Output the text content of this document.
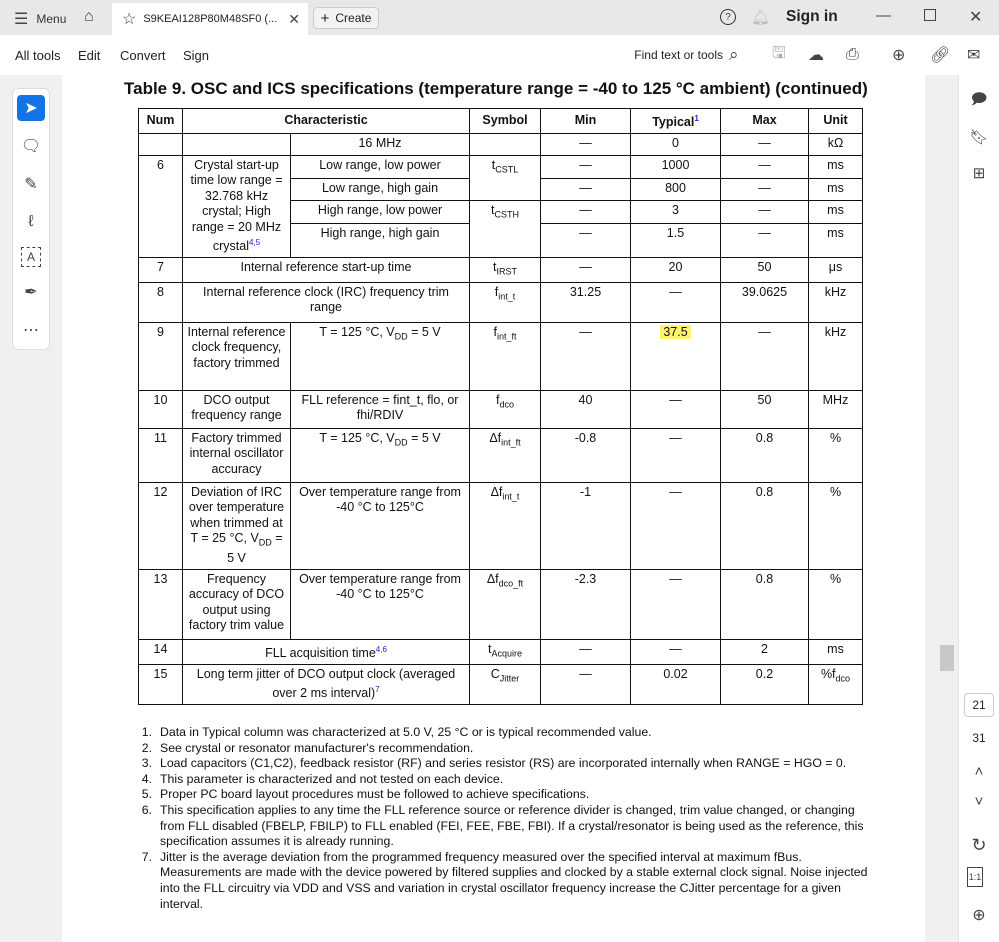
☰ Menu ⌂ ☆ S9KEAI128P80M48SF0 (... ✕ + Create	?	🔔︎ Sign in	—	✕
All tools Edit Convert Sign	Find text or tools ⌕ 🖫 ☁ ⎙ ⊕ 🔗︎ ✉
➤
🗨︎
✎
ℓ
A
✒
⋯
Table 9. OSC and ICS specifications (temperature range = -40 to 125 °C ambient) (continued)
Num	Characteristic		Symbol	Min	Typical$^1$	Max	Unit
		16 MHz		—	0	—	kΩ
6	Crystal start-up time low range = 32.768 kHz crystal; High range = 20 MHz crystal$^{4,5}$	Low range, low power	$t_{CSTL}$	—	1000	—	ms
		Low range, high gain		—	800	—	ms
		High range, low power	$t_{CSTH}$	—	3	—	ms
		High range, high gain		—	1.5	—	ms
7	Internal reference start-up time		$t_{IRST}$	—	20	50	μs
8	Internal reference clock (IRC) frequency trim range		$f_{int\_t}$	31.25	—	39.0625	kHz
9	Internal reference clock frequency, factory trimmed	T = 125 °C, $V_{DD} = 5$ V	$f_{int\_ft}$	—	37.5	—	kHz
10	DCO output frequency range	FLL reference = fint_t, flo, or fhi/RDIV	$f_{dco}$	40	—	50	MHz
11	Factory trimmed internal oscillator accuracy	T = 125 °C, $V_{DD} = 5$ V	$\Delta f_{int\_ft}$	-0.8	—	0.8	%
12	Deviation of IRC over temperature when trimmed at T = 25 °C, $V_{DD} = 5$ V	Over temperature range from -40 °C to 125°C	$\Delta f_{int\_t}$	-1	—	0.8	%
13	Frequency accuracy of DCO output using factory trim value	Over temperature range from -40 °C to 125°C	$\Delta f_{dco\_ft}$	-2.3	—	0.8	%
14	FLL acquisition time$^{4,6}$		$t_{Acquire}$	—	—	2	ms
15	Long term jitter of DCO output clock (averaged over 2 ms interval)$^7$		$C_{Jitter}$	—	0.02	0.2	$\%f_{dco}$
1. Data in Typical column was characterized at 5.0 V, 25 °C or is typical recommended value.
2. See crystal or resonator manufacturer's recommendation.
3. Load capacitors (C1,C2), feedback resistor (RF) and series resistor (RS) are incorporated internally when RANGE = HGO = 0.
4. This parameter is characterized and not tested on each device.
5. Proper PC board layout procedures must be followed to achieve specifications.
6. This specification applies to any time the FLL reference source or reference divider is changed, trim value changed, or changing from FLL disabled (FBELP, FBILP) to FLL enabled (FEI, FEE, FBE, FBI). If a crystal/resonator is being used as the reference, this specification assumes it is already running.
7. Jitter is the average deviation from the programmed frequency measured over the specified interval at maximum fBus. Measurements are made with the device powered by filtered supplies and clocked by a stable external clock signal. Noise injected into the FLL circuitry via VDD and VSS and variation in crystal oscillator frequency increase the CJitter percentage for a given interval.
🗩
🔖︎
⊞
21
31
˄
˅
↻
1:1
⊕
